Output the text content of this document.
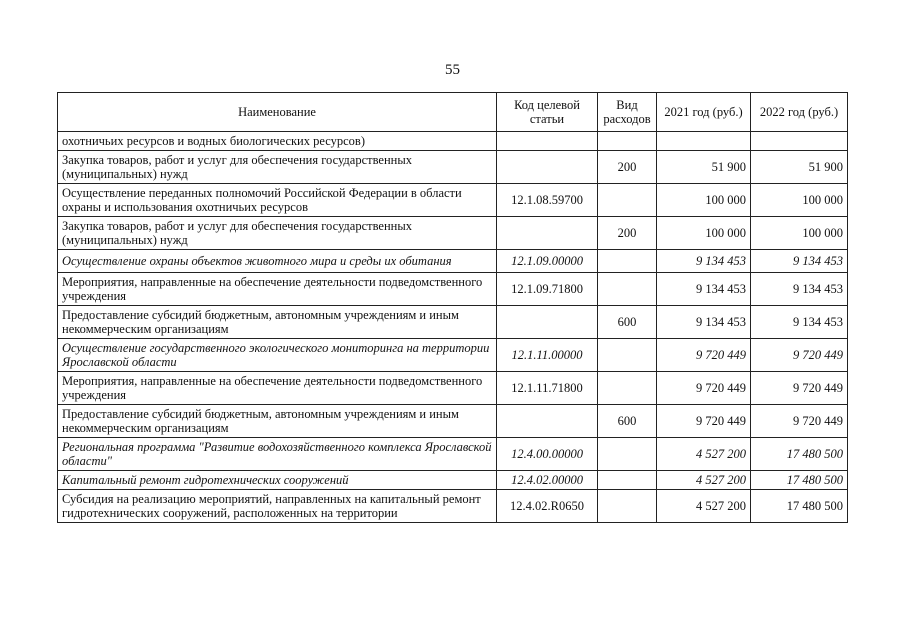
55
Наименование	Код целевой статьи	Вид расходов	2021 год (руб.)	2022 год (руб.)
охотничьих ресурсов и водных биологических ресурсов)				
Закупка товаров, работ и услуг для обеспечения государственных (муниципальных) нужд		200	51 900	51 900
Осуществление переданных полномочий Российской Федерации в области охраны и использования охотничьих ресурсов	12.1.08.59700		100 000	100 000
Закупка товаров, работ и услуг для обеспечения государственных (муниципальных) нужд		200	100 000	100 000
Осуществление охраны объектов животного мира и среды их обитания	12.1.09.00000		9 134 453	9 134 453
Мероприятия, направленные на обеспечение деятельности подведомственного учреждения	12.1.09.71800		9 134 453	9 134 453
Предоставление субсидий бюджетным, автономным учреждениям и иным некоммерческим организациям		600	9 134 453	9 134 453
Осуществление государственного экологического мониторинга на территории Ярославской области	12.1.11.00000		9 720 449	9 720 449
Мероприятия, направленные на обеспечение деятельности подведомственного учреждения	12.1.11.71800		9 720 449	9 720 449
Предоставление субсидий бюджетным, автономным учреждениям и иным некоммерческим организациям		600	9 720 449	9 720 449
Региональная программа "Развитие водохозяйственного комплекса Ярославской области"	12.4.00.00000		4 527 200	17 480 500
Капитальный ремонт гидротехнических сооружений	12.4.02.00000		4 527 200	17 480 500
Субсидия на реализацию мероприятий, направленных на капитальный ремонт гидротехнических сооружений, расположенных на территории	12.4.02.R0650		4 527 200	17 480 500
